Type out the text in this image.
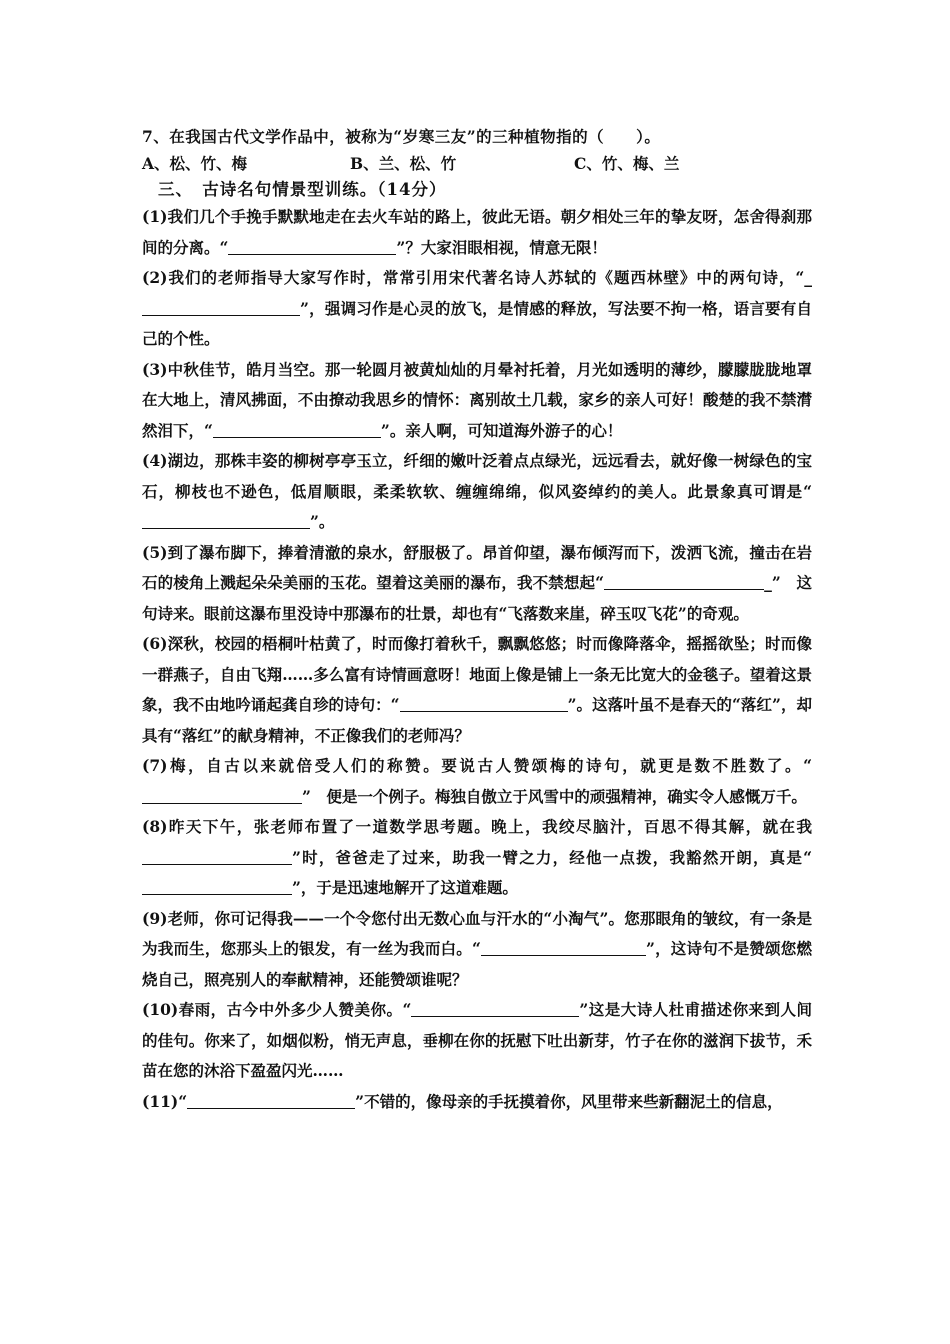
7、在我国古代文学作品中，被称为“岁寒三友”的三种植物指的（　　）。
A、松、竹、梅	B、兰、松、竹	C、竹、梅、兰
三、　古诗名句情景型训练。（14分）

(1)我们几个手挽手默默地走在去火车站的路上，彼此无语。朝夕相处三年的挚友呀，怎舍得刹那间的分离。“	”？大家泪眼相视，情意无限！

(2)我们的老师指导大家写作时，常常引用宋代著名诗人苏轼的《题西林壁》中的两句诗，“_”，强调习作是心灵的放飞，是情感的释放，写法要不拘一格，语言要有自己的个性。

(3)中秋佳节，皓月当空。那一轮圆月被黄灿灿的月晕衬托着，月光如透明的薄纱，朦朦胧胧地罩在大地上，清风拂面，不由撩动我思乡的情怀：离别故土几载，家乡的亲人可好！酸楚的我不禁潸然泪下，“	”。亲人啊，可知道海外游子的心！

(4)湖边，那株丰姿的柳树亭亭玉立，纤细的嫩叶泛着点点绿光，远远看去，就好像一树绿色的宝石，柳枝也不逊色，低眉顺眼，柔柔软软、缠缠绵绵，似风姿绰约的美人。此景象真可谓是“”。

(5)到了瀑布脚下，捧着清澈的泉水，舒服极了。昂首仰望，瀑布倾泻而下，泼洒飞流，撞击在岩石的棱角上溅起朵朵美丽的玉花。望着这美丽的瀑布，我不禁想起“	_”　这句诗来。眼前这瀑布里没诗中那瀑布的壮景，却也有“飞落数来崖，碎玉叹飞花”的奇观。

(6)深秋，校园的梧桐叶枯黄了，时而像打着秋千，飘飘悠悠；时而像降落伞，摇摇欲坠；时而像一群燕子，自由飞翔……多么富有诗情画意呀！地面上像是铺上一条无比宽大的金毯子。望着这景象，我不由地吟诵起龚自珍的诗句：“	”。这落叶虽不是春天的“落红”，却具有“落红”的献身精神，不正像我们的老师冯？

(7)梅，自古以来就倍受人们的称赞。要说古人赞颂梅的诗句，就更是数不胜数了。“”　便是一个例子。梅独自傲立于风雪中的顽强精神，确实令人感慨万千。

(8)昨天下午，张老师布置了一道数学思考题。晚上，我绞尽脑汁，百思不得其解，就在我”时，爸爸走了过来，助我一臂之力，经他一点拨，我豁然开朗，真是“”，于是迅速地解开了这道难题。

(9)老师，你可记得我——一个令您付出无数心血与汗水的“小淘气”。您那眼角的皱纹，有一条是为我而生，您那头上的银发，有一丝为我而白。“	”，这诗句不是赞颂您燃烧自己，照亮别人的奉献精神，还能赞颂谁呢？

(10)春雨，古今中外多少人赞美你。“	”这是大诗人杜甫描述你来到人间的佳句。你来了，如烟似粉，悄无声息，垂柳在你的抚慰下吐出新芽，竹子在你的滋润下拔节，禾苗在您的沐浴下盈盈闪光……

(11)“	”不错的，像母亲的手抚摸着你，风里带来些新翻泥土的信息，
